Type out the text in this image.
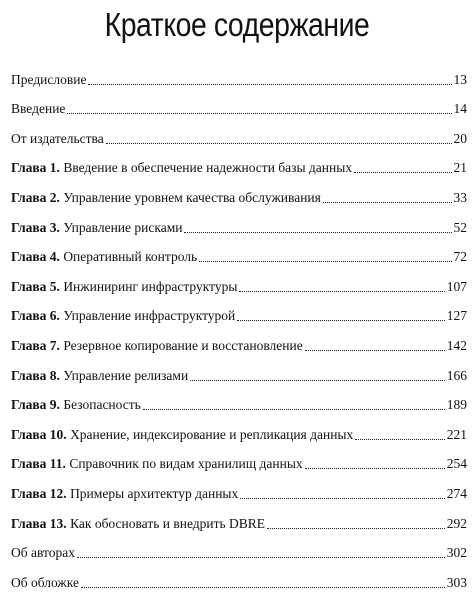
Краткое содержание
Предисловие	13
Введение	14
От издательства	20
Глава 1. Введение в обеспечение надежности базы данных	21
Глава 2. Управление уровнем качества обслуживания	33
Глава 3. Управление рисками	52
Глава 4. Оперативный контроль	72
Глава 5. Инжиниринг инфраструктуры	107
Глава 6. Управление инфраструктурой	127
Глава 7. Резервное копирование и восстановление	142
Глава 8. Управление релизами	166
Глава 9. Безопасность	189
Глава 10. Хранение, индексирование и репликация данных	221
Глава 11. Справочник по видам хранилищ данных	254
Глава 12. Примеры архитектур данных	274
Глава 13. Как обосновать и внедрить DBRE	292
Об авторах	302
Об обложке	303
